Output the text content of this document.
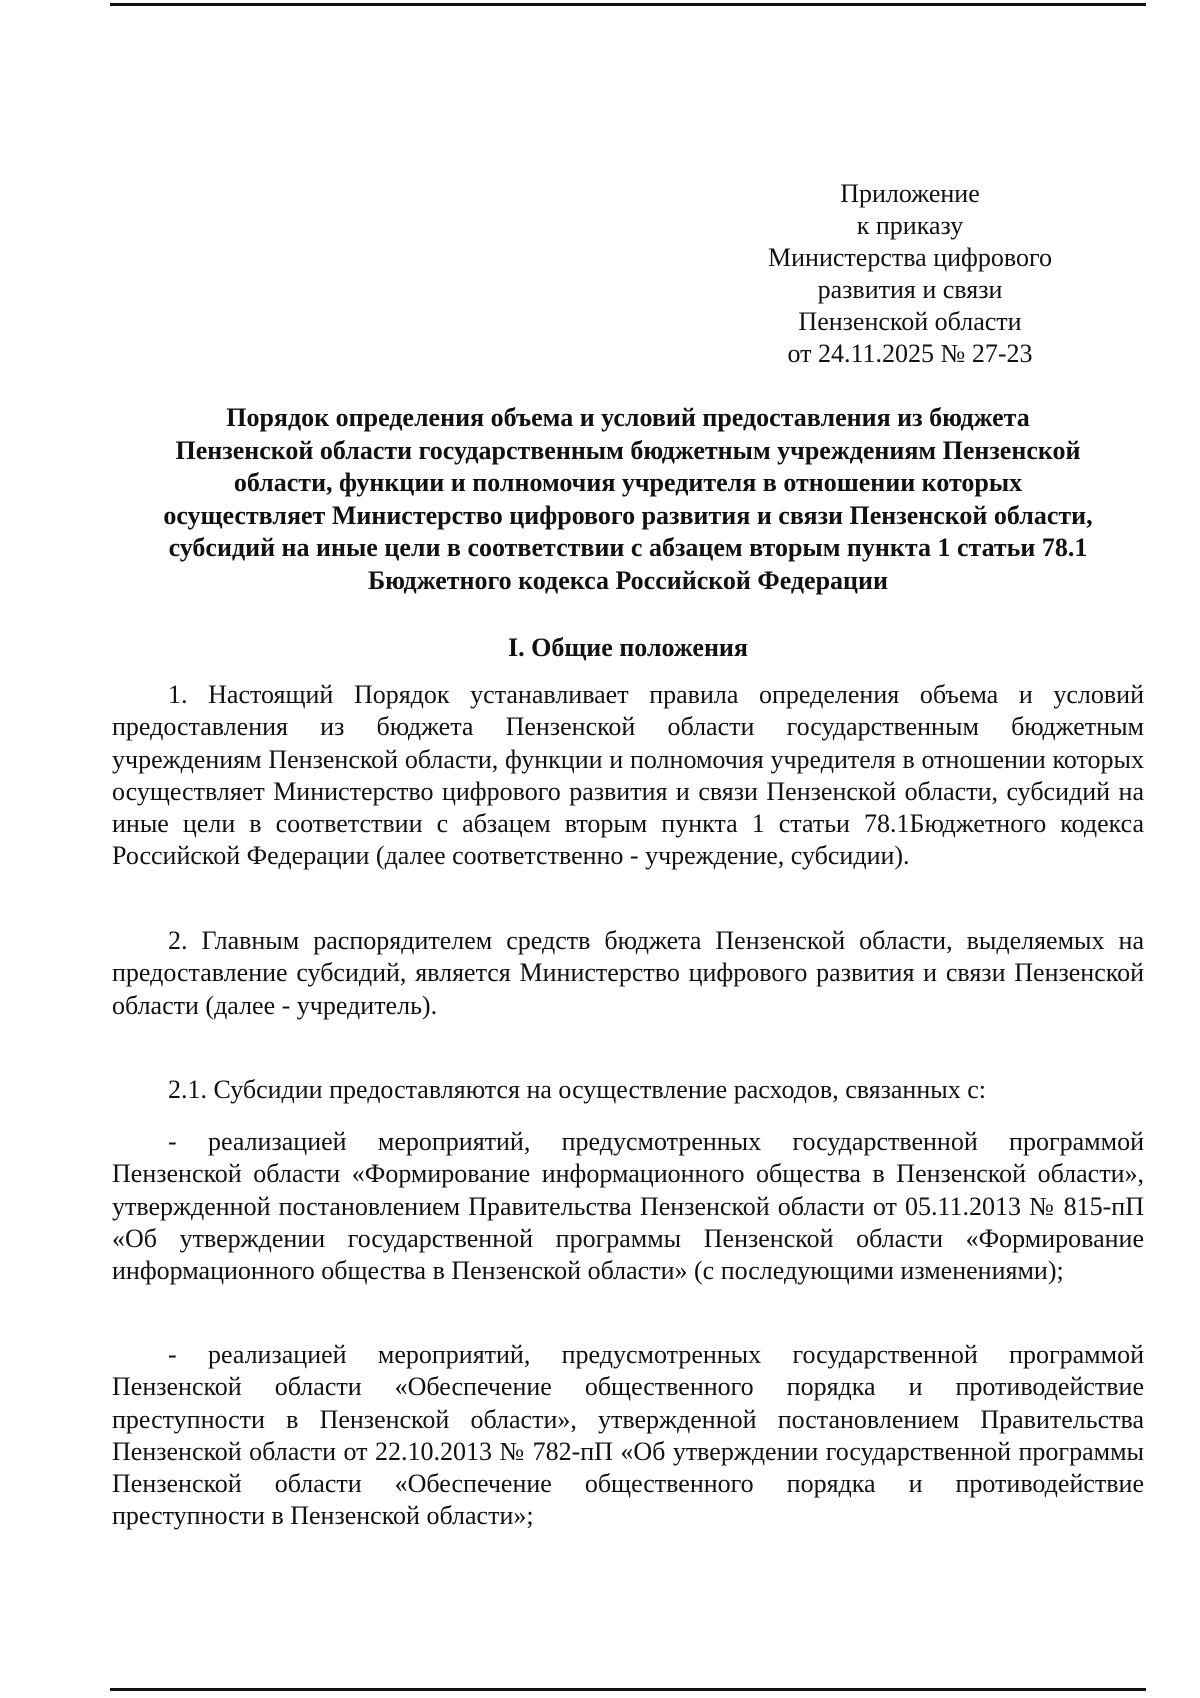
Приложение
к приказу
Министерства цифрового
развития и связи
Пензенской области
от 24.11.2025 № 27-23
Порядок определения объема и условий предоставления из бюджета
Пензенской области государственным бюджетным учреждениям Пензенской
области, функции и полномочия учредителя в отношении которых
осуществляет Министерство цифрового развития и связи Пензенской области,
субсидий на иные цели в соответствии с абзацем вторым пункта 1 статьи 78.1
Бюджетного кодекса Российской Федерации
I. Общие положения

1. Настоящий Порядок устанавливает правила определения объема и условий предоставления из бюджета Пензенской области государственным бюджетным учреждениям Пензенской области, функции и полномочия учредителя в отношении которых осуществляет Министерство цифрового развития и связи Пензенской области, субсидий на иные цели в соответствии с абзацем вторым пункта 1 статьи 78.1Бюджетного кодекса Российской Федерации (далее соответственно - учреждение, субсидии).

2. Главным распорядителем средств бюджета Пензенской области, выделяемых на предоставление субсидий, является Министерство цифрового развития и связи Пензенской области (далее - учредитель).

2.1. Субсидии предоставляются на осуществление расходов, связанных с:

- реализацией мероприятий, предусмотренных государственной программой Пензенской области «Формирование информационного общества в Пензенской области», утвержденной постановлением Правительства Пензенской области от 05.11.2013 № 815-пП «Об утверждении государственной программы Пензенской области «Формирование информационного общества в Пензенской области» (с последующими изменениями);

- реализацией мероприятий, предусмотренных государственной программой Пензенской области «Обеспечение общественного порядка и противодействие преступности в Пензенской области», утвержденной постановлением Правительства Пензенской области от 22.10.2013 № 782-пП «Об утверждении государственной программы Пензенской области «Обеспечение общественного порядка и противодействие преступности в Пензенской области»;
